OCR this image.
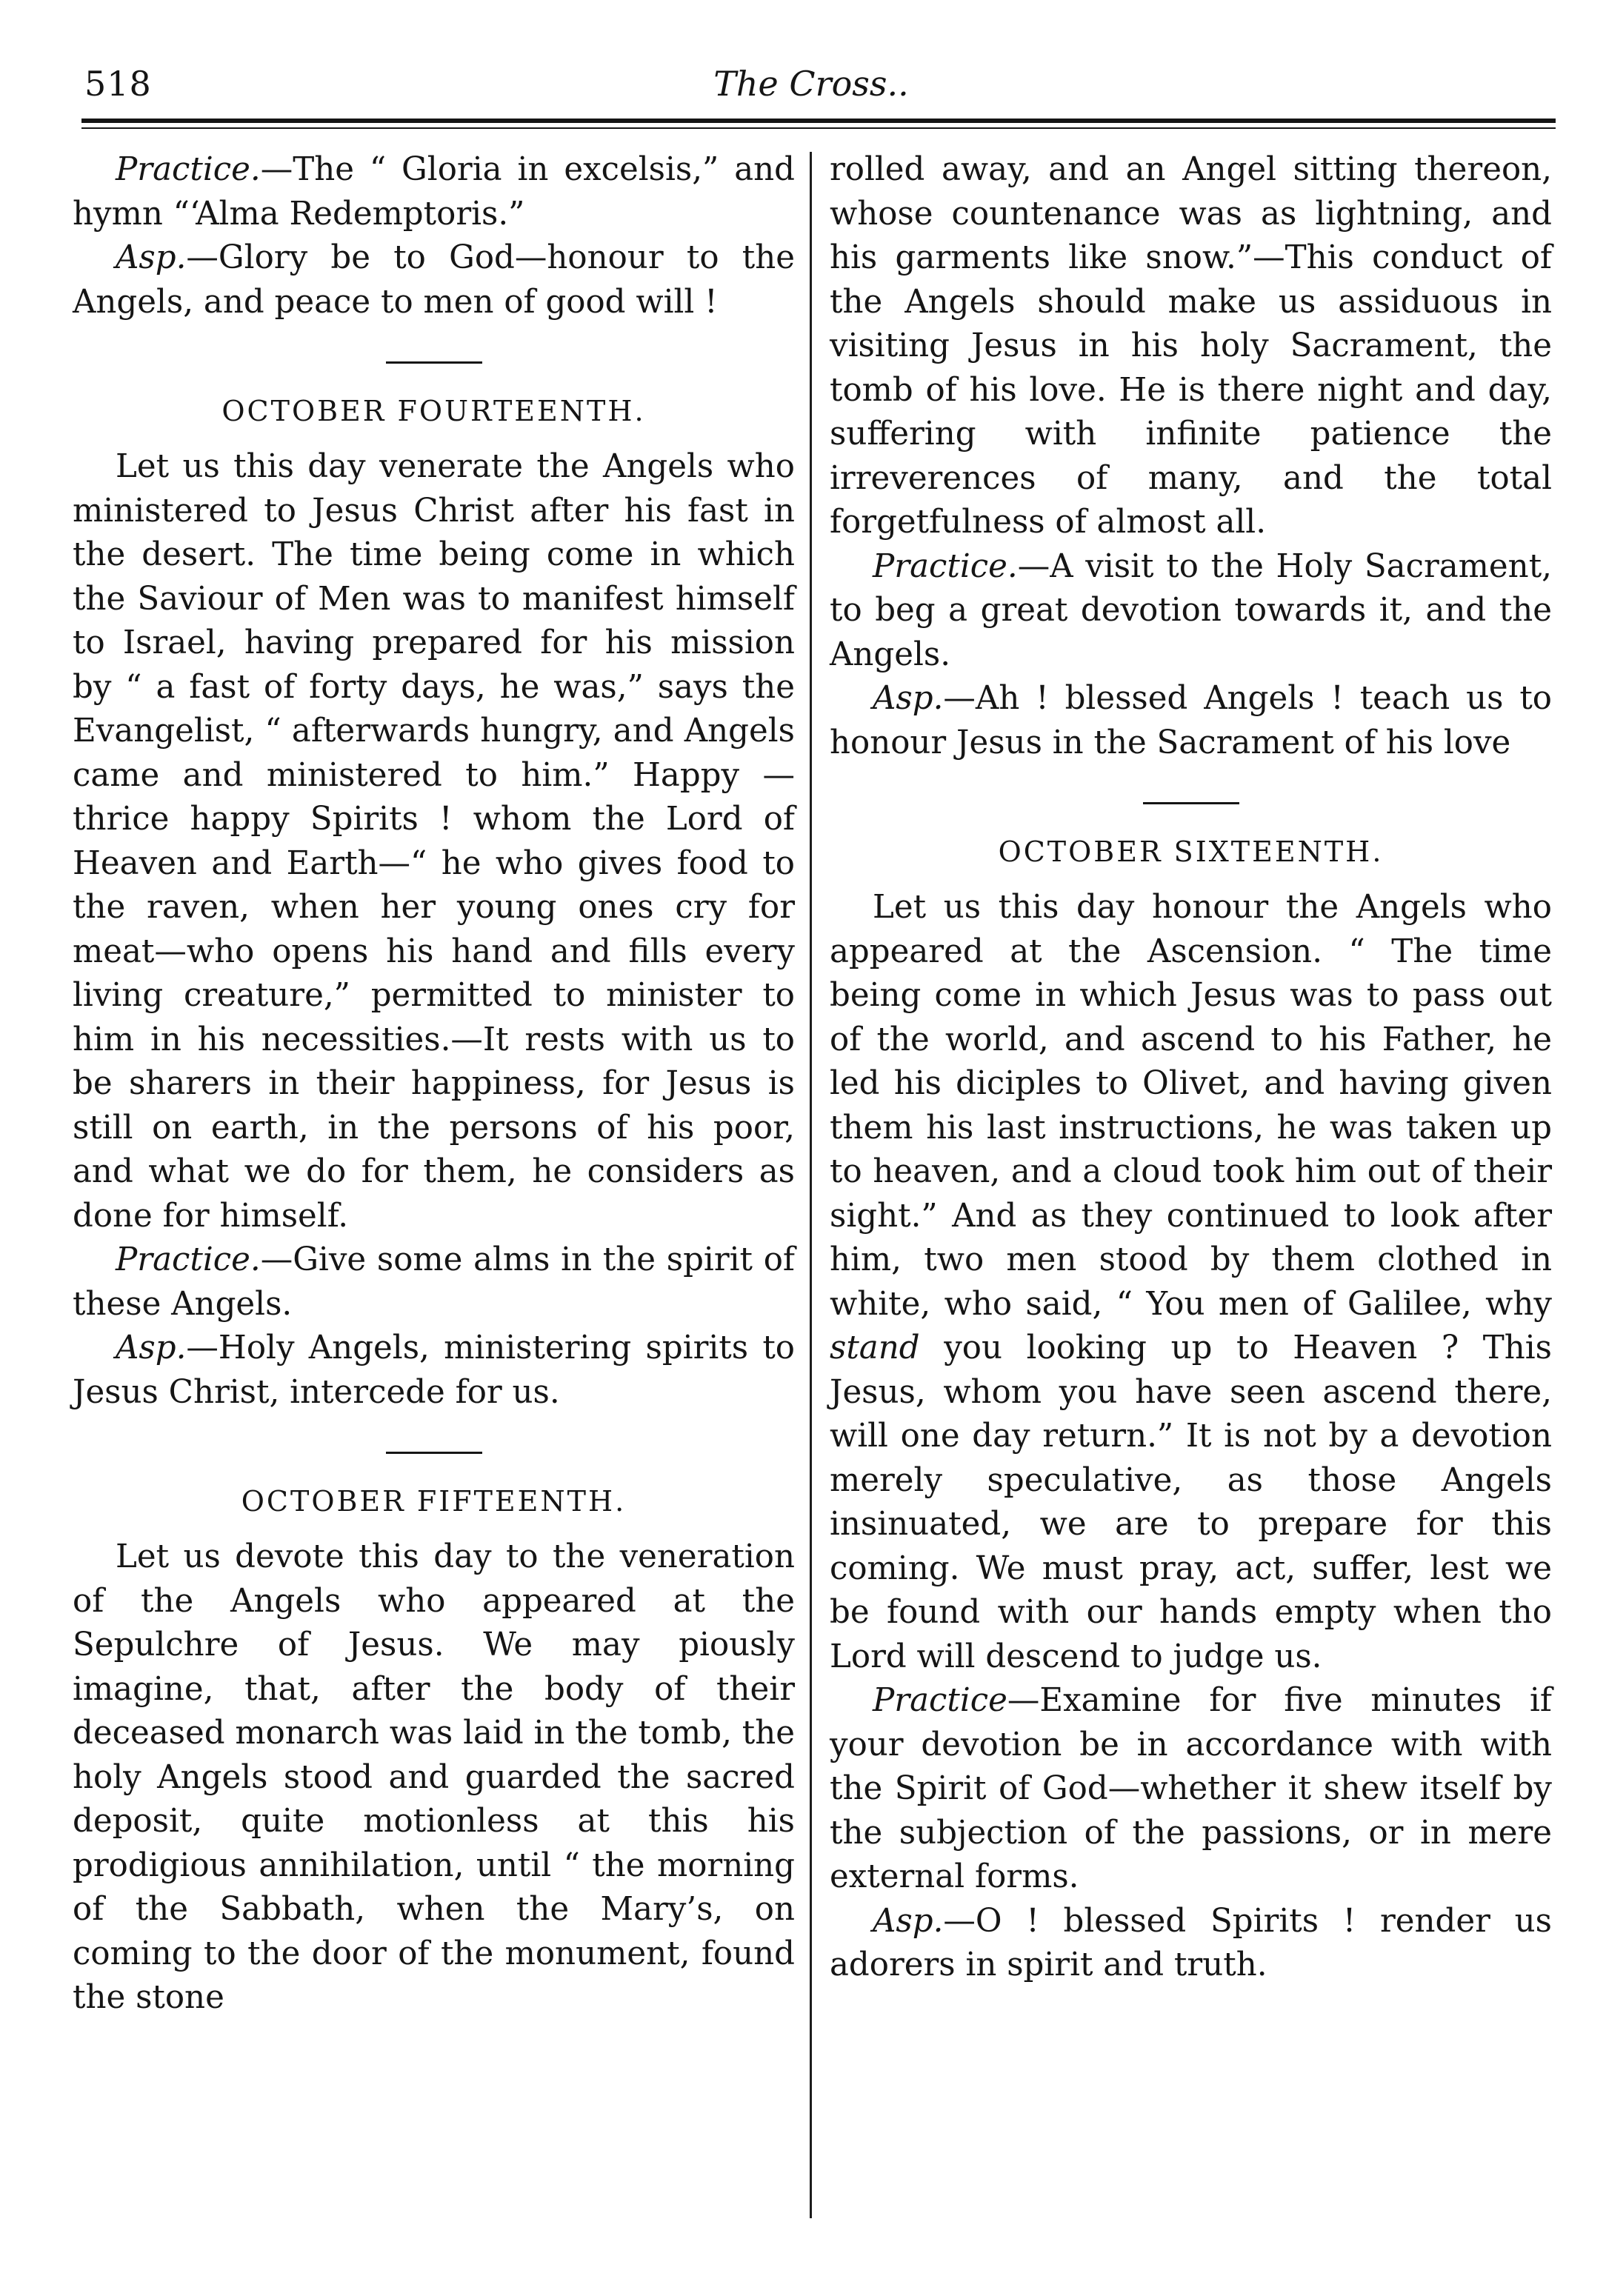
518	The Cross..

Practice.—The “ Gloria in excelsis,” and hymn “‘Alma Redemptoris.”

Asp.—Glory be to God—honour to the Angels, and peace to men of good will !

OCTOBER FOURTEENTH.

Let us this day venerate the Angels who ministered to Jesus Christ after his fast in the desert. The time being come in which the Saviour of Men was to manifest himself to Israel, having prepared for his mission by “ a fast of forty days, he was,” says the Evangelist, “ afterwards hungry, and Angels came and ministered to him.” Happy —thrice happy Spirits ! whom the Lord of Heaven and Earth—“ he who gives food to the raven, when her young ones cry for meat—who opens his hand and fills every living creature,” permitted to minister to him in his necessities.—It rests with us to be sharers in their happiness, for Jesus is still on earth, in the persons of his poor, and what we do for them, he considers as done for himself.

Practice.—Give some alms in the spirit of these Angels.

Asp.—Holy Angels, ministering spirits to Jesus Christ, intercede for us.

OCTOBER FIFTEENTH.

Let us devote this day to the veneration of the Angels who appeared at the Sepulchre of Jesus. We may piously imagine, that, after the body of their deceased monarch was laid in the tomb, the holy Angels stood and guarded the sacred deposit, quite motionless at this his prodigious annihilation, until “ the morning of the Sabbath, when the Mary’s, on coming to the door of the monument, found the stone

rolled away, and an Angel sitting thereon, whose countenance was as lightning, and his garments like snow.”—This conduct of the Angels should make us assiduous in visiting Jesus in his holy Sacrament, the tomb of his love. He is there night and day, suffering with infinite patience the irreverences of many, and the total forgetfulness of almost all.

Practice.—A visit to the Holy Sacrament, to beg a great devotion towards it, and the Angels.

Asp.—Ah ! blessed Angels ! teach us to honour Jesus in the Sacrament of his love

OCTOBER SIXTEENTH.

Let us this day honour the Angels who appeared at the Ascension. “ The time being come in which Jesus was to pass out of the world, and ascend to his Father, he led his diciples to Olivet, and having given them his last instructions, he was taken up to heaven, and a cloud took him out of their sight.” And as they continued to look after him, two men stood by them clothed in white, who said, “ You men of Galilee, why stand you looking up to Heaven ? This Jesus, whom you have seen ascend there, will one day return.” It is not by a devotion merely speculative, as those Angels insinuated, we are to prepare for this coming. We must pray, act, suffer, lest we be found with our hands empty when tho Lord will descend to judge us.

Practice—Examine for five minutes if your devotion be in accordance with with the Spirit of God—whether it shew itself by the subjection of the passions, or in mere external forms.

Asp.—O ! blessed Spirits ! render us adorers in spirit and truth.
